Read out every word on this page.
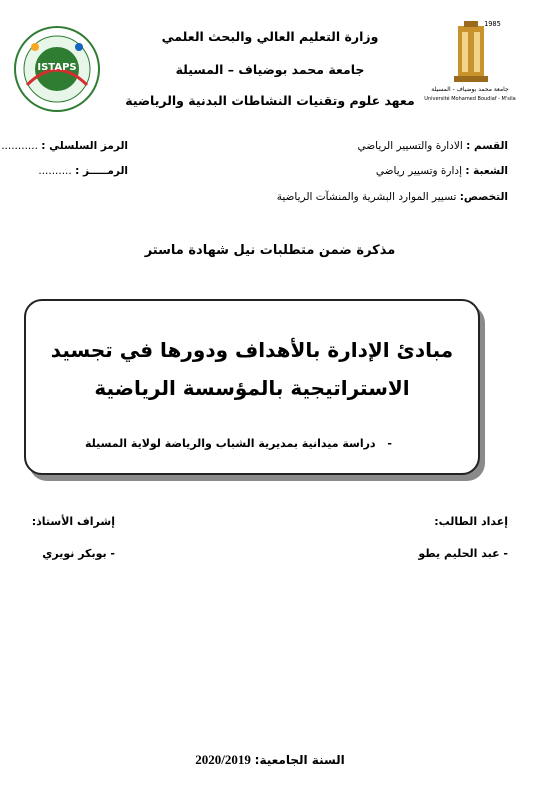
1985
جامعة محمد بوضياف - المسيلة
Université Mohamed Boudiaf - M'sila
ISTAPS
وزارة التعليم العالي والبحث العلمي
جامعة محمد بوضياف – المسيلة
معهد علوم وتقنيات النشاطات البدنية والرياضية
القسم : الادارة والتسيير الرياضي
الشعبة : إدارة وتسيير رياضي
التخصص: تسيير الموارد البشرية والمنشآت الرياضية
الرمز السلسلي : ...........
الرمـــــز : ..........
مذكرة ضمن متطلبات نيل شهادة ماستر
مبادئ الإدارة بالأهداف ودورها في تجسيد
الاستراتيجية بالمؤسسة الرياضية
- دراسة ميدانية بمديرية الشباب والرياضة لولاية المسيلة
إعداد الطالب:
- عبد الحليم يطو
إشراف الأستاذ:
- بوبكر نويري
السنة الجامعية: 2020/2019
